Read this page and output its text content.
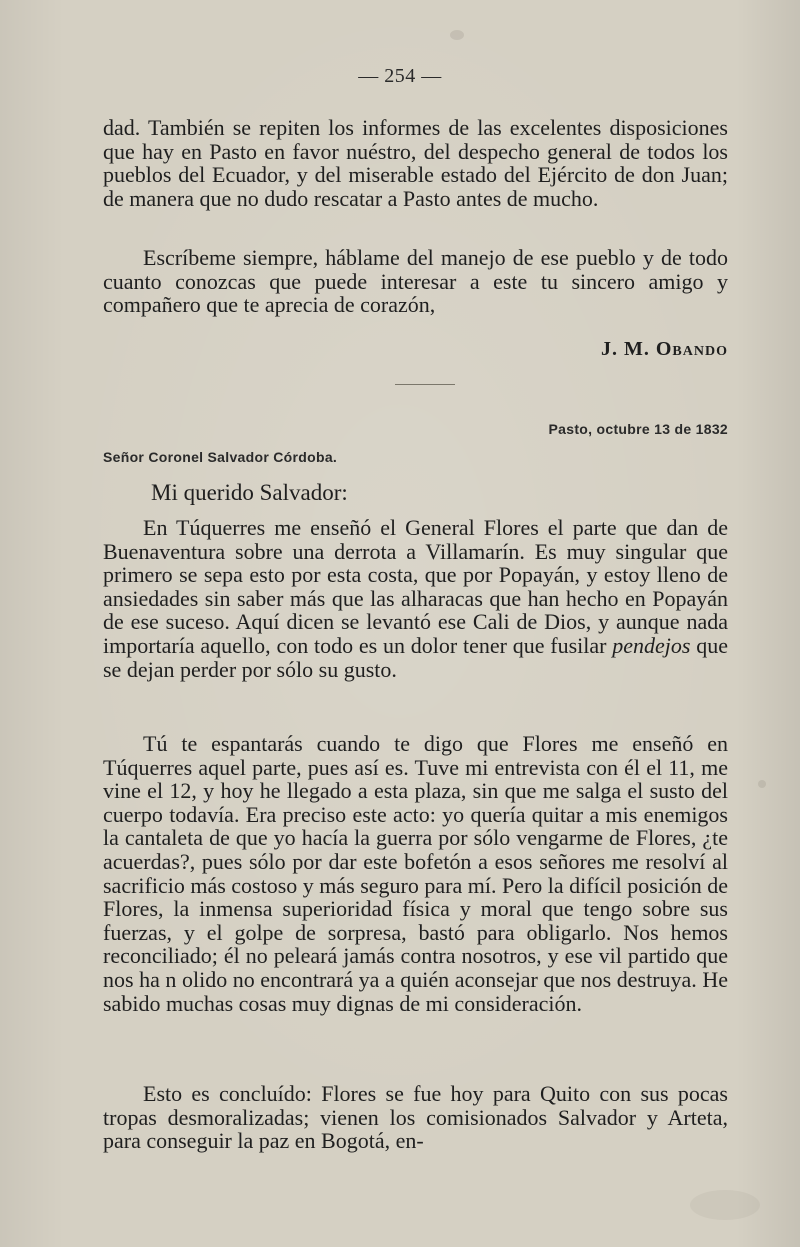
— 254 —

dad. También se repiten los informes de las excelentes disposiciones que hay en Pasto en favor nuéstro, del despecho general de todos los pueblos del Ecuador, y del miserable estado del Ejército de don Juan; de manera que no dudo rescatar a Pasto antes de mucho.

Escríbeme siempre, háblame del manejo de ese pueblo y de todo cuanto conozcas que puede interesar a este tu sincero amigo y compañero que te aprecia de corazón,

J. M. Obando
Pasto, octubre 13 de 1832
Señor Coronel Salvador Córdoba.
Mi querido Salvador:

En Túquerres me enseñó el General Flores el parte que dan de Buenaventura sobre una derrota a Villamarín. Es muy singular que primero se sepa esto por esta costa, que por Popayán, y estoy lleno de ansiedades sin saber más que las alharacas que han hecho en Popayán de ese suceso. Aquí dicen se levantó ese Cali de Dios, y aunque nada importaría aquello, con todo es un dolor tener que fusilar pendejos que se dejan perder por sólo su gusto.

Tú te espantarás cuando te digo que Flores me enseñó en Túquerres aquel parte, pues así es. Tuve mi entrevista con él el 11, me vine el 12, y hoy he llegado a esta plaza, sin que me salga el susto del cuerpo todavía. Era preciso este acto: yo quería quitar a mis enemigos la cantaleta de que yo hacía la guerra por sólo vengarme de Flores, ¿te acuerdas?, pues sólo por dar este bofetón a esos señores me resolví al sacrificio más costoso y más seguro para mí. Pero la difícil posición de Flores, la inmensa superioridad física y moral que tengo sobre sus fuerzas, y el golpe de sorpresa, bastó para obligarlo. Nos hemos reconciliado; él no peleará jamás contra nosotros, y ese vil partido que nos ha n olido no encontrará ya a quién aconsejar que nos destruya. He sabido muchas cosas muy dignas de mi consideración.

Esto es concluído: Flores se fue hoy para Quito con sus pocas tropas desmoralizadas; vienen los comisionados Salvador y Arteta, para conseguir la paz en Bogotá, en-
